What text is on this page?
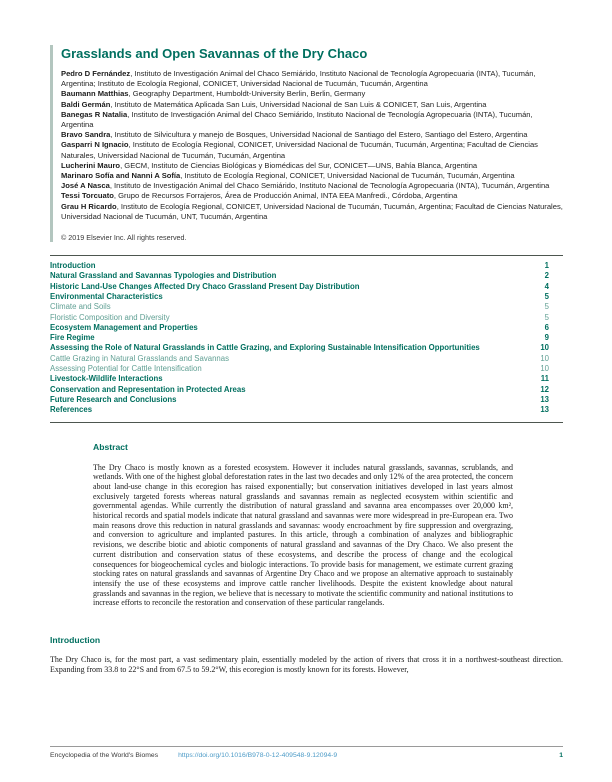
Grasslands and Open Savannas of the Dry Chaco

Pedro D Fernández, Instituto de Investigación Animal del Chaco Semiárido, Instituto Nacional de Tecnología Agropecuaria (INTA), Tucumán, Argentina; Instituto de Ecología Regional, CONICET, Universidad Nacional de Tucumán, Tucumán, Argentina

Baumann Matthias, Geography Department, Humboldt-University Berlin, Berlin, Germany

Baldi Germán, Instituto de Matemática Aplicada San Luis, Universidad Nacional de San Luis & CONICET, San Luis, Argentina

Banegas R Natalia, Instituto de Investigación Animal del Chaco Semiárido, Instituto Nacional de Tecnología Agropecuaria (INTA), Tucumán, Argentina

Bravo Sandra, Instituto de Silvicultura y manejo de Bosques, Universidad Nacional de Santiago del Estero, Santiago del Estero, Argentina

Gasparri N Ignacio, Instituto de Ecología Regional, CONICET, Universidad Nacional de Tucumán, Tucumán, Argentina; Facultad de Ciencias Naturales, Universidad Nacional de Tucumán, Tucumán, Argentina

Lucherini Mauro, GECM, Instituto de Ciencias Biológicas y Biomédicas del Sur, CONICET—UNS, Bahía Blanca, Argentina

Marinaro Sofía and Nanni A Sofía, Instituto de Ecología Regional, CONICET, Universidad Nacional de Tucumán, Tucumán, Argentina

José A Nasca, Instituto de Investigación Animal del Chaco Semiárido, Instituto Nacional de Tecnología Agropecuaria (INTA), Tucumán, Argentina

Tessi Torcuato, Grupo de Recursos Forrajeros, Área de Producción Animal, INTA EEA Manfredi., Córdoba, Argentina

Grau H Ricardo, Instituto de Ecología Regional, CONICET, Universidad Nacional de Tucumán, Tucumán, Argentina; Facultad de Ciencias Naturales, Universidad Nacional de Tucumán, UNT, Tucumán, Argentina

© 2019 Elsevier Inc. All rights reserved.

Introduction	1
Natural Grassland and Savannas Typologies and Distribution	2
Historic Land-Use Changes Affected Dry Chaco Grassland Present Day Distribution	4
Environmental Characteristics	5
Climate and Soils	5
Floristic Composition and Diversity	5
Ecosystem Management and Properties	6
Fire Regime	9
Assessing the Role of Natural Grasslands in Cattle Grazing, and Exploring Sustainable Intensification Opportunities	10
Cattle Grazing in Natural Grasslands and Savannas	10
Assessing Potential for Cattle Intensification	10
Livestock-Wildlife Interactions	11
Conservation and Representation in Protected Areas	12
Future Research and Conclusions	13
References	13
Abstract

The Dry Chaco is mostly known as a forested ecosystem. However it includes natural grasslands, savannas, scrublands, and wetlands. With one of the highest global deforestation rates in the last two decades and only 12% of the area protected, the concern about land-use change in this ecoregion has raised exponentially; but conservation initiatives developed in last years almost exclusively targeted forests whereas natural grasslands and savannas remain as neglected ecosystem within scientific and governmental agendas. While currently the distribution of natural grassland and savanna area encompasses over 20,000 km², historical records and spatial models indicate that natural grassland and savannas were more widespread in pre-European era. Two main reasons drove this reduction in natural grasslands and savannas: woody encroachment by fire suppression and overgrazing, and conversion to agriculture and implanted pastures. In this article, through a combination of analyzes and bibliographic revisions, we describe biotic and abiotic components of natural grassland and savannas of the Dry Chaco. We also present the current distribution and conservation status of these ecosystems, and describe the process of change and the ecological consequences for biogeochemical cycles and biologic interactions. To provide basis for management, we estimate current grazing stocking rates on natural grasslands and savannas of Argentine Dry Chaco and we propose an alternative approach to sustainably intensify the use of these ecosystems and improve cattle rancher livelihoods. Despite the existent knowledge about natural grasslands and savannas in the region, we believe that is necessary to motivate the scientific community and national institutions to increase efforts to reconcile the restoration and conservation of these particular rangelands.

Introduction

The Dry Chaco is, for the most part, a vast sedimentary plain, essentially modeled by the action of rivers that cross it in a northwest-southeast direction. Expanding from 33.8 to 22°S and from 67.5 to 59.2°W, this ecoregion is mostly known for its forests. However,

Encyclopedia of the World's Biomes	https://doi.org/10.1016/B978-0-12-409548-9.12094-9	1
